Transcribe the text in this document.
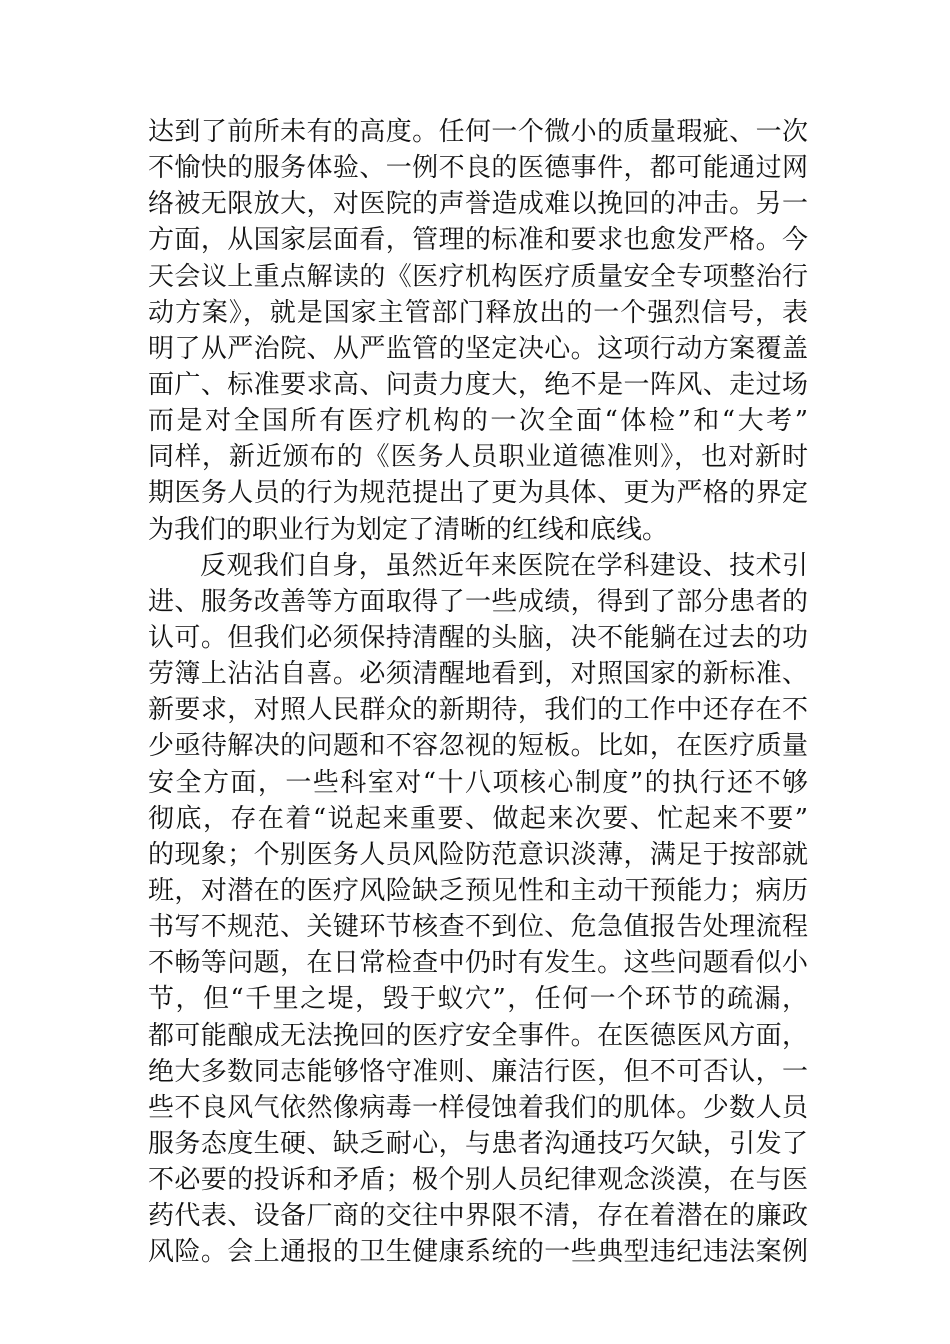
达到了前所未有的高度。任何一个微小的质量瑕疵、一次
不愉快的服务体验、一例不良的医德事件，都可能通过网
络被无限放大，对医院的声誉造成难以挽回的冲击。另一
方面，从国家层面看，管理的标准和要求也愈发严格。今
天会议上重点解读的《医疗机构医疗质量安全专项整治行
动方案》，就是国家主管部门释放出的一个强烈信号，表
明了从严治院、从严监管的坚定决心。这项行动方案覆盖
面广、标准要求高、问责力度大，绝不是一阵风、走过场
而是对全国所有医疗机构的一次全面“体检”和“大考”
同样，新近颁布的《医务人员职业道德准则》，也对新时
期医务人员的行为规范提出了更为具体、更为严格的界定
为我们的职业行为划定了清晰的红线和底线。
反观我们自身，虽然近年来医院在学科建设、技术引
进、服务改善等方面取得了一些成绩，得到了部分患者的
认可。但我们必须保持清醒的头脑，决不能躺在过去的功
劳簿上沾沾自喜。必须清醒地看到，对照国家的新标准、
新要求，对照人民群众的新期待，我们的工作中还存在不
少亟待解决的问题和不容忽视的短板。比如，在医疗质量
安全方面，一些科室对“十八项核心制度”的执行还不够
彻底，存在着“说起来重要、做起来次要、忙起来不要”
的现象；个别医务人员风险防范意识淡薄，满足于按部就
班，对潜在的医疗风险缺乏预见性和主动干预能力；病历
书写不规范、关键环节核查不到位、危急值报告处理流程
不畅等问题，在日常检查中仍时有发生。这些问题看似小
节，但“千里之堤，毁于蚁穴”，任何一个环节的疏漏，
都可能酿成无法挽回的医疗安全事件。在医德医风方面，
绝大多数同志能够恪守准则、廉洁行医，但不可否认，一
些不良风气依然像病毒一样侵蚀着我们的肌体。少数人员
服务态度生硬、缺乏耐心，与患者沟通技巧欠缺，引发了
不必要的投诉和矛盾；极个别人员纪律观念淡漠，在与医
药代表、设备厂商的交往中界限不清，存在着潜在的廉政
风险。会上通报的卫生健康系统的一些典型违纪违法案例
